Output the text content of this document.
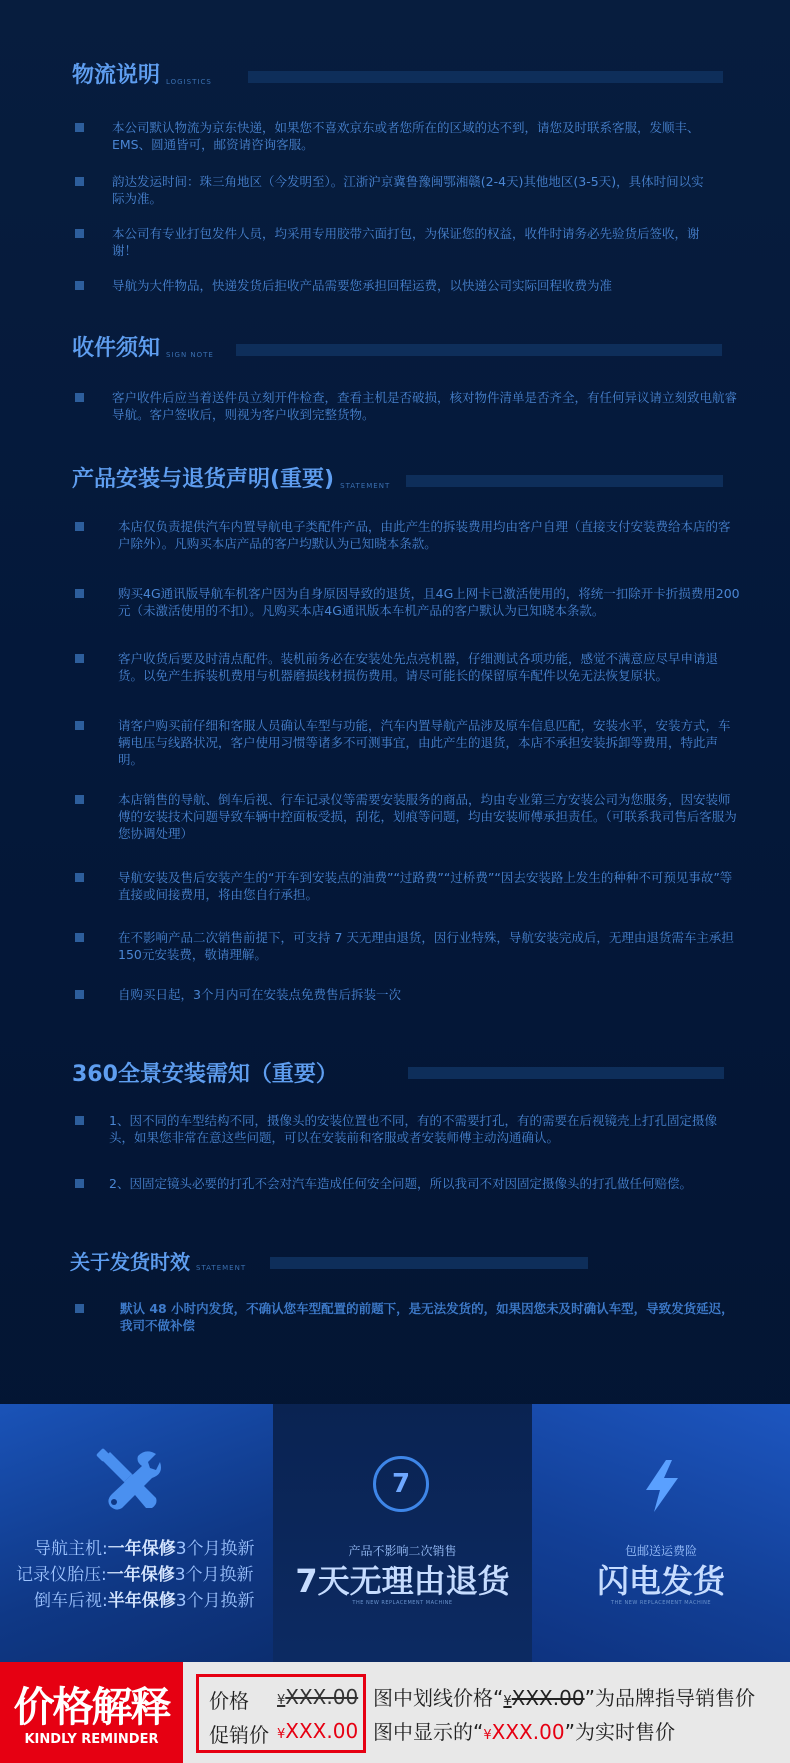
物流说明 LOGISTICS
本公司默认物流为京东快递，如果您不喜欢京东或者您所在的区域的达不到，请您及时联系客服，发顺丰、EMS、圆通皆可，邮资请咨询客服。
韵达发运时间：珠三角地区（今发明至）。江浙沪京冀鲁豫闽鄂湘赣(2-4天)其他地区(3-5天)，具体时间以实际为准。
本公司有专业打包发件人员，均采用专用胶带六面打包，为保证您的权益，收件时请务必先验货后签收，谢谢！
导航为大件物品，快递发货后拒收产品需要您承担回程运费，以快递公司实际回程收费为准
收件须知 SIGN NOTE
客户收件后应当着送件员立刻开件检查，查看主机是否破损，核对物件清单是否齐全，有任何异议请立刻致电航睿导航。客户签收后，则视为客户收到完整货物。
产品安装与退货声明(重要) STATEMENT
本店仅负责提供汽车内置导航电子类配件产品，由此产生的拆装费用均由客户自理（直接支付安装费给本店的客户除外）。凡购买本店产品的客户均默认为已知晓本条款。
购买4G通讯版导航车机客户因为自身原因导致的退货，且4G上网卡已激活使用的，将统一扣除开卡折损费用200元（未激活使用的不扣）。凡购买本店4G通讯版本车机产品的客户默认为已知晓本条款。
客户收货后要及时清点配件。装机前务必在安装处先点亮机器，仔细测试各项功能，感觉不满意应尽早申请退货。以免产生拆装机费用与机器磨损线材损伤费用。请尽可能长的保留原车配件以免无法恢复原状。
请客户购买前仔细和客服人员确认车型与功能，汽车内置导航产品涉及原车信息匹配，安装水平，安装方式，车辆电压与线路状况，客户使用习惯等诸多不可测事宜，由此产生的退货，本店不承担安装拆卸等费用，特此声明。
本店销售的导航、倒车后视、行车记录仪等需要安装服务的商品，均由专业第三方安装公司为您服务，因安装师傅的安装技术问题导致车辆中控面板受损，刮花，划痕等问题，均由安装师傅承担责任。（可联系我司售后客服为您协调处理）
导航安装及售后安装产生的“开车到安装点的油费”“过路费”“过桥费”“因去安装路上发生的种种不可预见事故”等直接或间接费用，将由您自行承担。
在不影响产品二次销售前提下，可支持 7 天无理由退货，因行业特殊，导航安装完成后，无理由退货需车主承担150元安装费，敬请理解。
自购买日起，3个月内可在安装点免费售后拆装一次
360全景安装需知（重要）
1、因不同的车型结构不同，摄像头的安装位置也不同，有的不需要打孔，有的需要在后视镜壳上打孔固定摄像头，如果您非常在意这些问题，可以在安装前和客服或者安装师傅主动沟通确认。
2、因固定镜头必要的打孔不会对汽车造成任何安全问题，所以我司不对因固定摄像头的打孔做任何赔偿。
关于发货时效 STATEMENT
默认 48 小时内发货，不确认您车型配置的前题下，是无法发货的，如果因您未及时确认车型，导致发货延迟，我司不做补偿
导航主机:一年保修3个月换新
记录仪胎压:一年保修3个月换新
倒车后视:半年保修3个月换新
7
产品不影响二次销售
7天无理由退货
THE NEW REPLACEMENT MACHINE
包邮送运费险
闪电发货
THE NEW REPLACEMENT MACHINE
价格解释
KINDLY REMINDER
价格 ¥XXX.00
促销价 ¥XXX.00
图中划线价格“¥XXX.00”为品牌指导销售价
图中显示的“¥XXX.00”为实时售价
